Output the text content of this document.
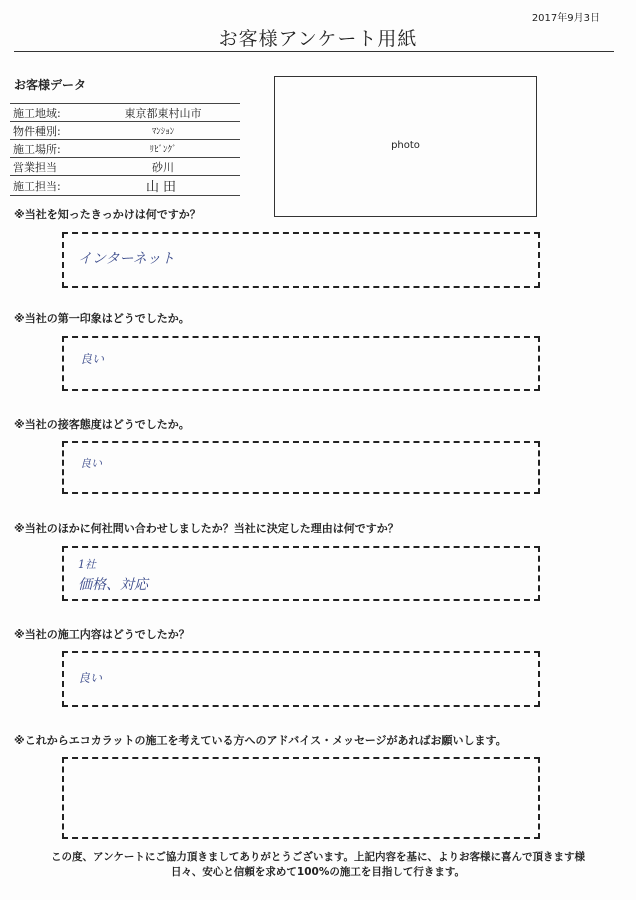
2017年9月3日
お客様アンケート用紙
お客様データ
施工地域:	東京都東村山市
物件種別:	ﾏﾝｼｮﾝ
施工場所:	ﾘﾋﾞﾝｸﾞ
営業担当	砂川
施工担当:	山田
photo
※当社を知ったきっかけは何ですか？
インターネット
※当社の第一印象はどうでしたか。
良い
※当社の接客態度はどうでしたか。
良い
※当社のほかに何社問い合わせしましたか？当社に決定した理由は何ですか？
1社
価格、対応
※当社の施工内容はどうでしたか？
良い
※これからエコカラットの施工を考えている方へのアドバイス・メッセージがあればお願いします。
この度、アンケートにご協力頂きましてありがとうございます。上記内容を基に、よりお客様に喜んで頂きます様
日々、安心と信頼を求めて100%の施工を目指して行きます。
